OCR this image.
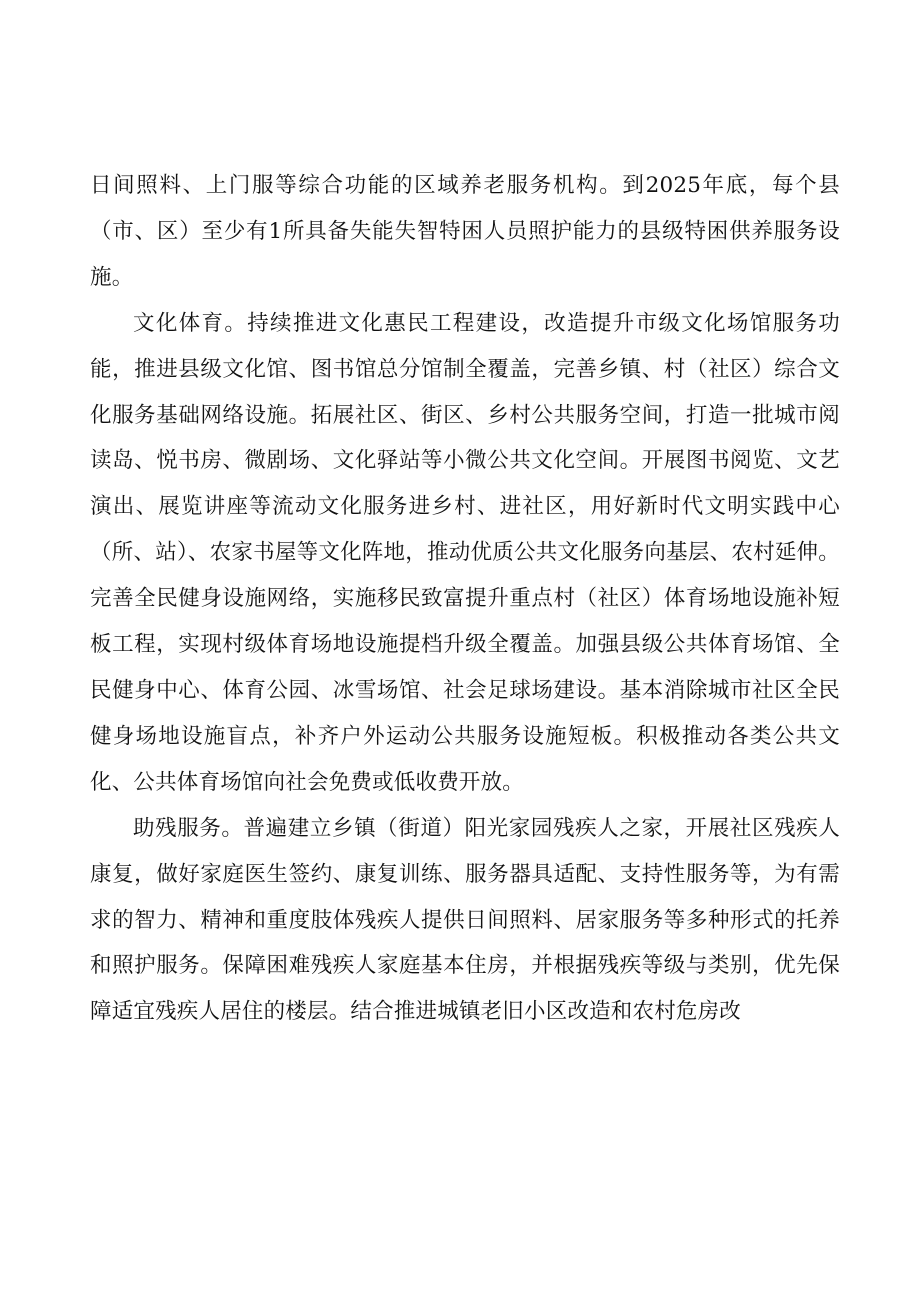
日间照料、上门服等综合功能的区域养老服务机构。到2025年底，每个县（市、区）至少有1所具备失能失智特困人员照护能力的县级特困供养服务设施。

文化体育。持续推进文化惠民工程建设，改造提升市级文化场馆服务功能，推进县级文化馆、图书馆总分馆制全覆盖，完善乡镇、村（社区）综合文化服务基础网络设施。拓展社区、街区、乡村公共服务空间，打造一批城市阅读岛、悦书房、微剧场、文化驿站等小微公共文化空间。开展图书阅览、文艺演出、展览讲座等流动文化服务进乡村、进社区，用好新时代文明实践中心（所、站）、农家书屋等文化阵地，推动优质公共文化服务向基层、农村延伸。完善全民健身设施网络，实施移民致富提升重点村（社区）体育场地设施补短板工程，实现村级体育场地设施提档升级全覆盖。加强县级公共体育场馆、全民健身中心、体育公园、冰雪场馆、社会足球场建设。基本消除城市社区全民健身场地设施盲点，补齐户外运动公共服务设施短板。积极推动各类公共文化、公共体育场馆向社会免费或低收费开放。

助残服务。普遍建立乡镇（街道）阳光家园残疾人之家，开展社区残疾人康复，做好家庭医生签约、康复训练、服务器具适配、支持性服务等，为有需求的智力、精神和重度肢体残疾人提供日间照料、居家服务等多种形式的托养和照护服务。保障困难残疾人家庭基本住房，并根据残疾等级与类别，优先保障适宜残疾人居住的楼层。结合推进城镇老旧小区改造和农村危房改
